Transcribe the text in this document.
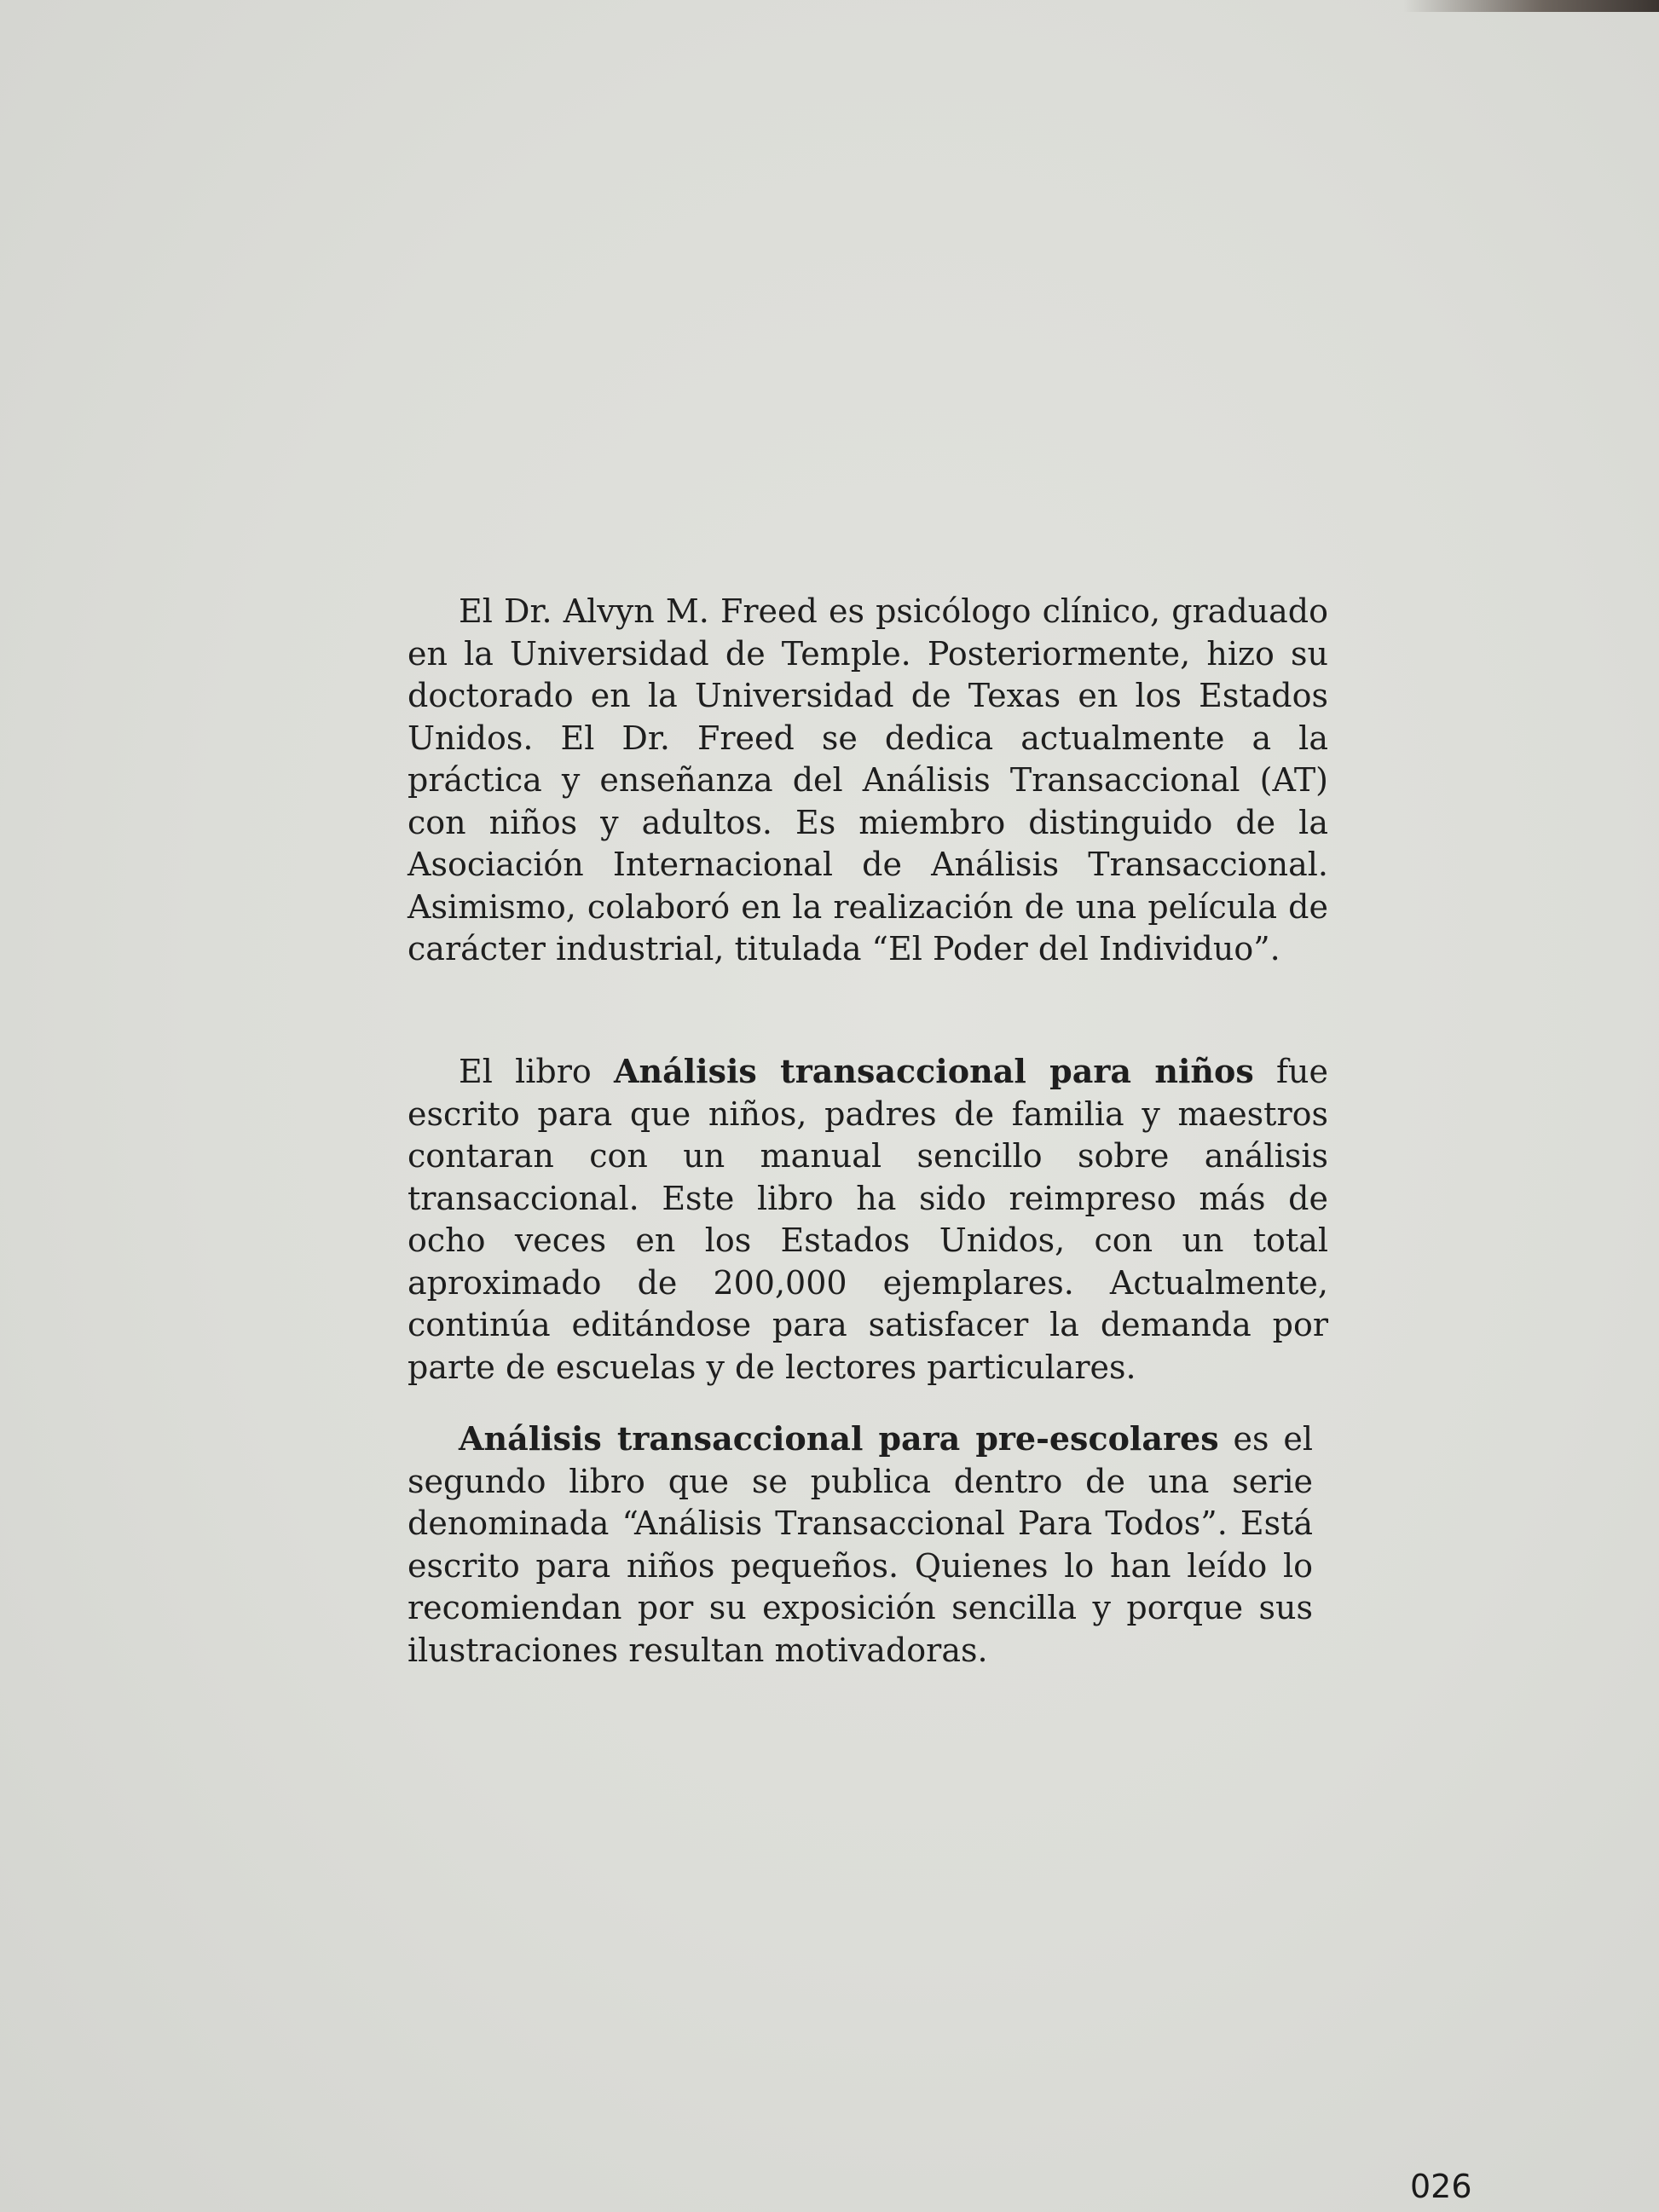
El Dr. Alvyn M. Freed es psicólogo clínico, graduado en la Universidad de Temple. Posteriormente, hizo su doctorado en la Universidad de Texas en los Estados Unidos. El Dr. Freed se dedica actualmente a la práctica y enseñanza del Análisis Transaccional (AT) con niños y adultos. Es miembro distinguido de la Asociación Internacional de Análisis Transaccional. Asimismo, colaboró en la realización de una película de carácter industrial, titulada “El Poder del Individuo”.

El libro Análisis transaccional para niños fue escrito para que niños, padres de familia y maestros contaran con un manual sencillo sobre análisis transaccional. Este libro ha sido reimpreso más de ocho veces en los Estados Unidos, con un total aproximado de 200,000 ejemplares. Actualmente, continúa editándose para satisfacer la demanda por parte de escuelas y de lectores particulares.

Análisis transaccional para pre-escolares es el segundo libro que se publica dentro de una serie denominada “Análisis Transaccional Para Todos”. Está escrito para niños pequeños. Quienes lo han leído lo recomiendan por su exposición sencilla y porque sus ilustraciones resultan motivadoras.

026
